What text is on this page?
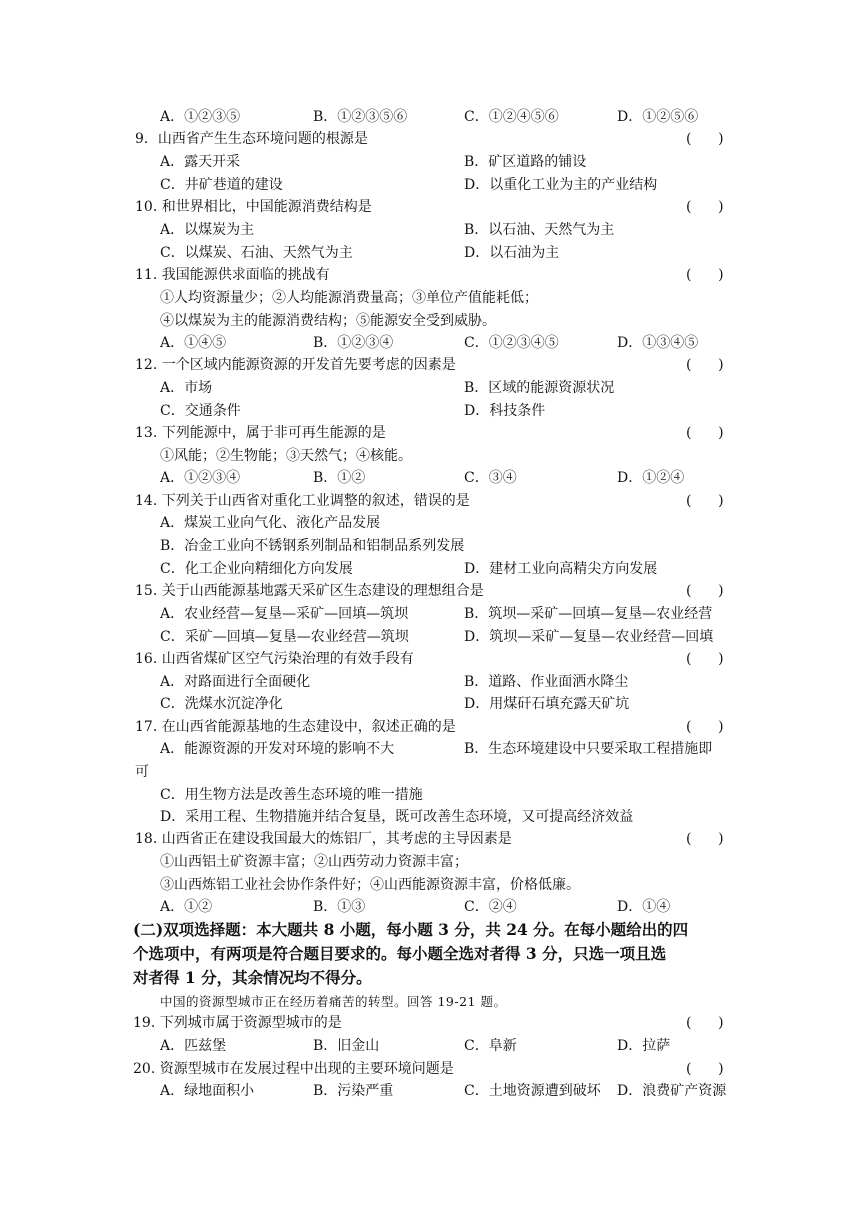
A．①②③⑤	B．①②③⑤⑥	C．①②④⑤⑥	D．①②⑤⑥
9．山西省产生生态环境问题的根源是	(      )
A．露天开采	B．矿区道路的铺设
C．井矿巷道的建设	D．以重化工业为主的产业结构
10. 和世界相比，中国能源消费结构是	(      )
A．以煤炭为主	B．以石油、天然气为主
C．以煤炭、石油、天然气为主	D．以石油为主
11. 我国能源供求面临的挑战有	(      )
①人均资源量少；②人均能源消费量高；③单位产值能耗低；
④以煤炭为主的能源消费结构；⑤能源安全受到威胁。
A．①④⑤	B．①②③④	C．①②③④⑤	D．①③④⑤
12. 一个区域内能源资源的开发首先要考虑的因素是	(      )
A．市场	B．区域的能源资源状况
C．交通条件	D．科技条件
13. 下列能源中，属于非可再生能源的是	(      )
①风能；②生物能；③天然气；④核能。
A．①②③④	B．①②	C．③④	D．①②④
14. 下列关于山西省对重化工业调整的叙述，错误的是	(      )
A．煤炭工业向气化、液化产品发展
B．冶金工业向不锈钢系列制品和铝制品系列发展
C．化工企业向精细化方向发展	D．建材工业向高精尖方向发展
15. 关于山西能源基地露天采矿区生态建设的理想组合是	(      )
A．农业经营—复垦—采矿—回填—筑坝	B．筑坝—采矿—回填—复垦—农业经营
C．采矿—回填—复垦—农业经营—筑坝	D．筑坝—采矿—复垦—农业经营—回填
16. 山西省煤矿区空气污染治理的有效手段有	(      )
A．对路面进行全面硬化	B．道路、作业面洒水降尘
C．洗煤水沉淀净化	D．用煤矸石填充露天矿坑
17. 在山西省能源基地的生态建设中，叙述正确的是	(      )
A．能源资源的开发对环境的影响不大	B．生态环境建设中只要采取工程措施即
可
C．用生物方法是改善生态环境的唯一措施
D．采用工程、生物措施并结合复垦，既可改善生态环境，又可提高经济效益
18. 山西省正在建设我国最大的炼铝厂，其考虑的主导因素是	(      )
①山西铝土矿资源丰富；②山西劳动力资源丰富；
③山西炼铝工业社会协作条件好；④山西能源资源丰富，价格低廉。
A．①②	B．①③	C．②④	D．①④
(二)双项选择题：本大题共 8 小题，每小题 3 分，共 24 分。在每小题给出的四
个选项中，有两项是符合题目要求的。每小题全选对者得 3 分，只选一项且选
对者得 1 分，其余情况均不得分。
中国的资源型城市正在经历着痛苦的转型。回答 19-21 题。
19. 下列城市属于资源型城市的是	(      )
A．匹兹堡	B．旧金山	C．阜新	D．拉萨
20. 资源型城市在发展过程中出现的主要环境问题是	(      )
A．绿地面积小	B．污染严重	C．土地资源遭到破坏 D．浪费矿产资源
